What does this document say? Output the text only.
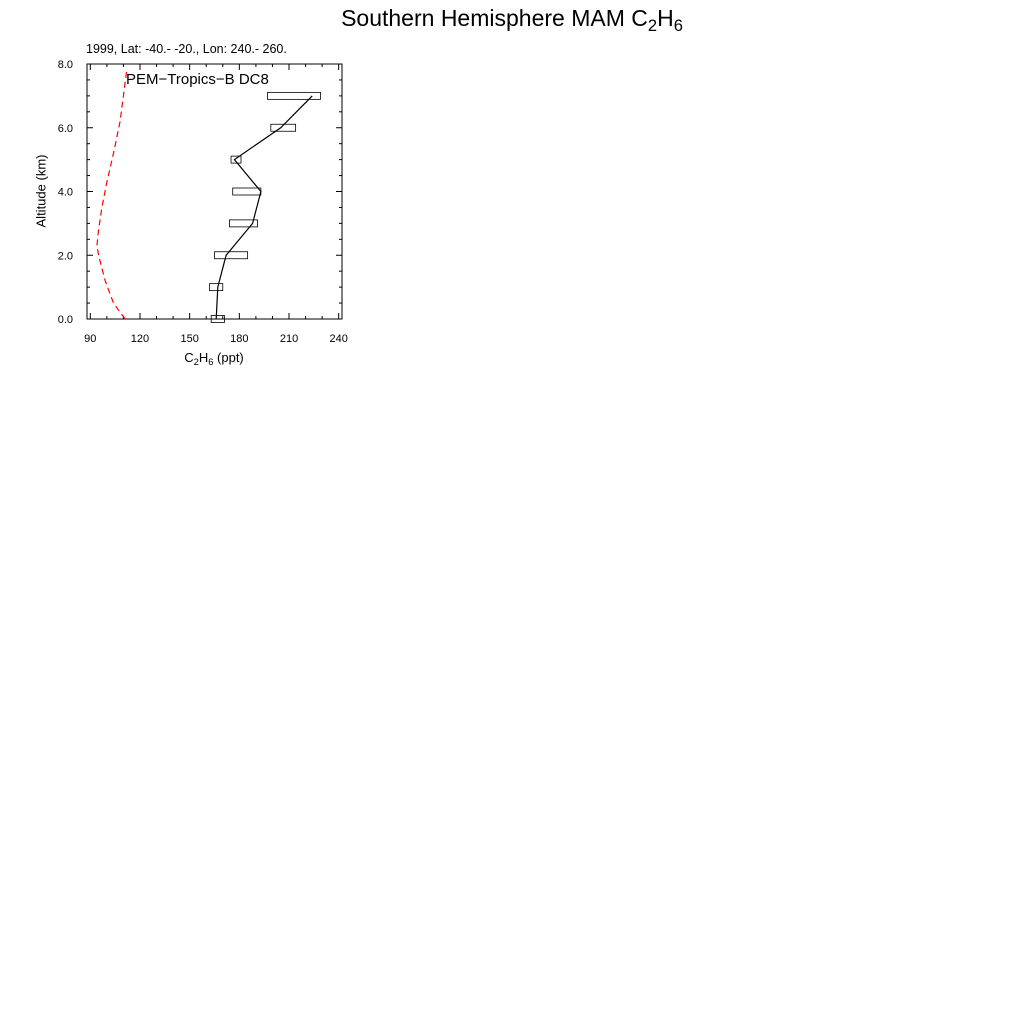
Southern Hemisphere MAM $C_2H_6$
1999, Lat: -40.- -20., Lon: 240.- 260.
90	120	150	180	210	240
0.0
2.0
4.0
6.0
8.0
PEM−Tropics−B DC8
$C_2H_6$ (ppt)
Altitude (km)
